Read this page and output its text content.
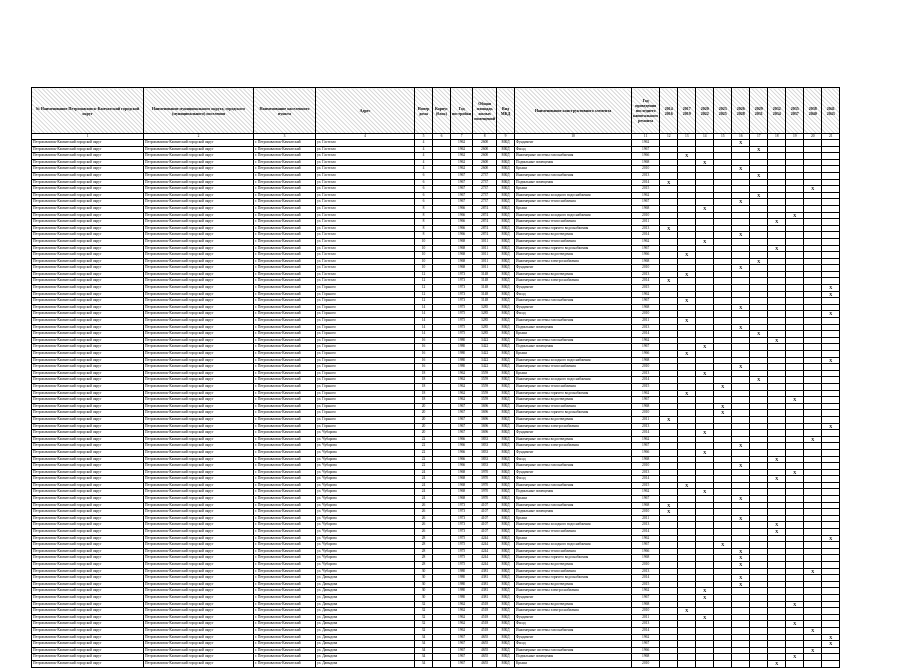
№ Наименование Петропавловск-Камчатский городской округ	Наименование муниципального округа, городского (муниципального) поселения	Наименование населенного пункта	Адрес	Номер дома	Корпус (блок)	Год постройки	Общая площадь жилых помещений	Вид МКД	Наименование конструктивного элемента	Год проведения последнего капитального ремонта	2014 2016	2017 2019	2020 2022	2023 2025	2026 2028	2029 2031	2032 2034	2035 2037	2038 2040	2041 2043
1	2	3	4	5	6	7	8	9	10	11	12	13	14	15	16	17	18	19	20	21
Петропавловск-Камчатский городской округ	Петропавловск-Камчатский городской округ	г. Петропавловск-Камчатский	ул. Гастелло	4		1962	2600	МКД	Фундамент	1962					X					
Петропавловск-Камчатский городской округ	Петропавловск-Камчатский городской округ	г. Петропавловск-Камчатский	ул. Гастелло	4		1962	2600	МКД	Фасад	1967						X				
Петропавловск-Камчатский городской округ	Петропавловск-Камчатский городской округ	г. Петропавловск-Камчатский	ул. Гастелло	4		1962	2600	МКД	Инженерные системы газоснабжения	1966		X								
Петропавловск-Камчатский городской округ	Петропавловск-Камчатский городской округ	г. Петропавловск-Камчатский	ул. Гастелло	4		1962	2600	МКД	Подвальные помещения	1968			X							
Петропавловск-Камчатский городской округ	Петропавловск-Камчатский городской округ	г. Петропавловск-Камчатский	ул. Гастелло	4		1962	2600	МКД	Крыша	2010					X					
Петропавловск-Камчатский городской округ	Петропавловск-Камчатский городской округ	г. Петропавловск-Камчатский	ул. Гастелло	6		1967	2737	МКД	Инженерные системы газоснабжения	2013						X				
Петропавловск-Камчатский городской округ	Петропавловск-Камчатский городской округ	г. Петропавловск-Камчатский	ул. Гастелло	6		1967	2737	МКД	Подвальные помещения	2014	X									
Петропавловск-Камчатский городской округ	Петропавловск-Камчатский городской округ	г. Петропавловск-Камчатский	ул. Гастелло	6		1967	2737	МКД	Крыша	2015									X	
Петропавловск-Камчатский городской округ	Петропавловск-Камчатский городской округ	г. Петропавловск-Камчатский	ул. Гастелло	6		1967	2737	МКД	Инженерные системы холодного водоснабжения	1962						X				
Петропавловск-Камчатский городской округ	Петропавловск-Камчатский городской округ	г. Петропавловск-Камчатский	ул. Гастелло	6		1967	2737	МКД	Инженерные системы теплоснабжения	1967					X					
Петропавловск-Камчатский городской округ	Петропавловск-Камчатский городской округ	г. Петропавловск-Камчатский	ул. Гастелло	8		1966	2874	МКД	Крыша	1968			X							
Петропавловск-Камчатский городской округ	Петропавловск-Камчатский городской округ	г. Петропавловск-Камчатский	ул. Гастелло	8		1966	2874	МКД	Инженерные системы холодного водоснабжения	2010								X		
Петропавловск-Камчатский городской округ	Петропавловск-Камчатский городской округ	г. Петропавловск-Камчатский	ул. Гастелло	8		1966	2874	МКД	Инженерные системы теплоснабжения	2011							X			
Петропавловск-Камчатский городской округ	Петропавловск-Камчатский городской округ	г. Петропавловск-Камчатский	ул. Гастелло	8		1966	2874	МКД	Инженерные системы горячего водоснабжения	2013	X									
Петропавловск-Камчатский городской округ	Петропавловск-Камчатский городской округ	г. Петропавловск-Камчатский	ул. Гастелло	8		1966	2874	МКД	Инженерные системы водоотведения	2014					X					
Петропавловск-Камчатский городской округ	Петропавловск-Камчатский городской округ	г. Петропавловск-Камчатский	ул. Гастелло	10		1968	3011	МКД	Инженерные системы теплоснабжения	1962			X							
Петропавловск-Камчатский городской округ	Петропавловск-Камчатский городской округ	г. Петропавловск-Камчатский	ул. Гастелло	10		1968	3011	МКД	Инженерные системы горячего водоснабжения	1967							X			
Петропавловск-Камчатский городской округ	Петропавловск-Камчатский городской округ	г. Петропавловск-Камчатский	ул. Гастелло	10		1968	3011	МКД	Инженерные системы водоотведения	1966		X								
Петропавловск-Камчатский городской округ	Петропавловск-Камчатский городской округ	г. Петропавловск-Камчатский	ул. Гастелло	10		1968	3011	МКД	Инженерные системы электроснабжения	1968						X				
Петропавловск-Камчатский городской округ	Петропавловск-Камчатский городской округ	г. Петропавловск-Камчатский	ул. Гастелло	10		1968	3011	МКД	Фундамент	2010					X					
Петропавловск-Камчатский городской округ	Петропавловск-Камчатский городской округ	г. Петропавловск-Камчатский	ул. Гастелло	12		1973	3148	МКД	Инженерные системы водоотведения	2013		X								
Петропавловск-Камчатский городской округ	Петропавловск-Камчатский городской округ	г. Петропавловск-Камчатский	ул. Гастелло	12		1973	3148	МКД	Инженерные системы электроснабжения	2014	X									
Петропавловск-Камчатский городской округ	Петропавловск-Камчатский городской округ	г. Петропавловск-Камчатский	ул. Горького	12		1973	3148	МКД	Фундамент	2015										X
Петропавловск-Камчатский городской округ	Петропавловск-Камчатский городской округ	г. Петропавловск-Камчатский	ул. Горького	12		1973	3148	МКД	Фасад	1962										X
Петропавловск-Камчатский городской округ	Петропавловск-Камчатский городской округ	г. Петропавловск-Камчатский	ул. Горького	12		1973	3148	МКД	Инженерные системы газоснабжения	1967		X								
Петропавловск-Камчатский городской округ	Петропавловск-Камчатский городской округ	г. Петропавловск-Камчатский	ул. Горького	14		1975	3285	МКД	Фундамент	1968					X					
Петропавловск-Камчатский городской округ	Петропавловск-Камчатский городской округ	г. Петропавловск-Камчатский	ул. Горького	14		1975	3285	МКД	Фасад	2010										X
Петропавловск-Камчатский городской округ	Петропавловск-Камчатский городской округ	г. Петропавловск-Камчатский	ул. Горького	14		1975	3285	МКД	Инженерные системы газоснабжения	2011		X								
Петропавловск-Камчатский городской округ	Петропавловск-Камчатский городской округ	г. Петропавловск-Камчатский	ул. Горького	14		1975	3285	МКД	Подвальные помещения	2013					X					
Петропавловск-Камчатский городской округ	Петропавловск-Камчатский городской округ	г. Петропавловск-Камчатский	ул. Горького	14		1975	3285	МКД	Крыша	2014						X				
Петропавловск-Камчатский городской округ	Петропавловск-Камчатский городской округ	г. Петропавловск-Камчатский	ул. Горького	16		1980	3422	МКД	Инженерные системы газоснабжения	1962							X			
Петропавловск-Камчатский городской округ	Петропавловск-Камчатский городской округ	г. Петропавловск-Камчатский	ул. Горького	16		1980	3422	МКД	Подвальные помещения	1967			X							
Петропавловск-Камчатский городской округ	Петропавловск-Камчатский городской округ	г. Петропавловск-Камчатский	ул. Горького	16		1980	3422	МКД	Крыша	1966		X								
Петропавловск-Камчатский городской округ	Петропавловск-Камчатский городской округ	г. Петропавловск-Камчатский	ул. Горького	16		1980	3422	МКД	Инженерные системы холодного водоснабжения	1968										X
Петропавловск-Камчатский городской округ	Петропавловск-Камчатский городской округ	г. Петропавловск-Камчатский	ул. Горького	16		1980	3422	МКД	Инженерные системы теплоснабжения	2010					X					
Петропавловск-Камчатский городской округ	Петропавловск-Камчатский городской округ	г. Петропавловск-Камчатский	ул. Горького	18		1962	3559	МКД	Крыша	2013			X							
Петропавловск-Камчатский городской округ	Петропавловск-Камчатский городской округ	г. Петропавловск-Камчатский	ул. Горького	18		1962	3559	МКД	Инженерные системы холодного водоснабжения	2014						X				
Петропавловск-Камчатский городской округ	Петропавловск-Камчатский городской округ	г. Петропавловск-Камчатский	ул. Горького	18		1962	3559	МКД	Инженерные системы теплоснабжения	2015				X						
Петропавловск-Камчатский городской округ	Петропавловск-Камчатский городской округ	г. Петропавловск-Камчатский	ул. Горького	18		1962	3559	МКД	Инженерные системы горячего водоснабжения	1962		X								
Петропавловск-Камчатский городской округ	Петропавловск-Камчатский городской округ	г. Петропавловск-Камчатский	ул. Горького	18		1962	3559	МКД	Инженерные системы водоотведения	1967								X		
Петропавловск-Камчатский городской округ	Петропавловск-Камчатский городской округ	г. Петропавловск-Камчатский	ул. Горького	20		1967	3696	МКД	Инженерные системы теплоснабжения	1968				X						
Петропавловск-Камчатский городской округ	Петропавловск-Камчатский городской округ	г. Петропавловск-Камчатский	ул. Горького	20		1967	3696	МКД	Инженерные системы горячего водоснабжения	2010				X						
Петропавловск-Камчатский городской округ	Петропавловск-Камчатский городской округ	г. Петропавловск-Камчатский	ул. Горького	20		1967	3696	МКД	Инженерные системы водоотведения	2011	X									
Петропавловск-Камчатский городской округ	Петропавловск-Камчатский городской округ	г. Петропавловск-Камчатский	ул. Горького	20		1967	3696	МКД	Инженерные системы электроснабжения	2013										X
Петропавловск-Камчатский городской округ	Петропавловск-Камчатский городской округ	г. Петропавловск-Камчатский	ул. Чубарова	20		1967	3696	МКД	Фундамент	2014			X							
Петропавловск-Камчатский городской округ	Петропавловск-Камчатский городской округ	г. Петропавловск-Камчатский	ул. Чубарова	22		1966	3833	МКД	Инженерные системы водоотведения	1962									X	
Петропавловск-Камчатский городской округ	Петропавловск-Камчатский городской округ	г. Петропавловск-Камчатский	ул. Чубарова	22		1966	3833	МКД	Инженерные системы электроснабжения	1967					X					
Петропавловск-Камчатский городской округ	Петропавловск-Камчатский городской округ	г. Петропавловск-Камчатский	ул. Чубарова	22		1966	3833	МКД	Фундамент	1966			X							
Петропавловск-Камчатский городской округ	Петропавловск-Камчатский городской округ	г. Петропавловск-Камчатский	ул. Чубарова	22		1966	3833	МКД	Фасад	1968							X			
Петропавловск-Камчатский городской округ	Петропавловск-Камчатский городской округ	г. Петропавловск-Камчатский	ул. Чубарова	22		1966	3833	МКД	Инженерные системы газоснабжения	2010					X					
Петропавловск-Камчатский городской округ	Петропавловск-Камчатский городской округ	г. Петропавловск-Камчатский	ул. Чубарова	24		1968	3970	МКД	Фундамент	2013								X		
Петропавловск-Камчатский городской округ	Петропавловск-Камчатский городской округ	г. Петропавловск-Камчатский	ул. Чубарова	24		1968	3970	МКД	Фасад	2014							X			
Петропавловск-Камчатский городской округ	Петропавловск-Камчатский городской округ	г. Петропавловск-Камчатский	ул. Чубарова	24		1968	3970	МКД	Инженерные системы газоснабжения	2015		X								
Петропавловск-Камчатский городской округ	Петропавловск-Камчатский городской округ	г. Петропавловск-Камчатский	ул. Чубарова	24		1968	3970	МКД	Подвальные помещения	1962			X							
Петропавловск-Камчатский городской округ	Петропавловск-Камчатский городской округ	г. Петропавловск-Камчатский	ул. Чубарова	24		1968	3970	МКД	Крыша	1967					X					
Петропавловск-Камчатский городской округ	Петропавловск-Камчатский городской округ	г. Петропавловск-Камчатский	ул. Чубарова	26		1973	4107	МКД	Инженерные системы газоснабжения	1968	X									
Петропавловск-Камчатский городской округ	Петропавловск-Камчатский городской округ	г. Петропавловск-Камчатский	ул. Чубарова	26		1973	4107	МКД	Подвальные помещения	2010	X									
Петропавловск-Камчатский городской округ	Петропавловск-Камчатский городской округ	г. Петропавловск-Камчатский	ул. Чубарова	26		1973	4107	МКД	Крыша	2011					X					
Петропавловск-Камчатский городской округ	Петропавловск-Камчатский городской округ	г. Петропавловск-Камчатский	ул. Чубарова	26		1973	4107	МКД	Инженерные системы холодного водоснабжения	2013							X			
Петропавловск-Камчатский городской округ	Петропавловск-Камчатский городской округ	г. Петропавловск-Камчатский	ул. Чубарова	26		1973	4107	МКД	Инженерные системы теплоснабжения	2014							X			
Петропавловск-Камчатский городской округ	Петропавловск-Камчатский городской округ	г. Петропавловск-Камчатский	ул. Чубарова	28		1975	4244	МКД	Крыша	1962										X
Петропавловск-Камчатский городской округ	Петропавловск-Камчатский городской округ	г. Петропавловск-Камчатский	ул. Чубарова	28		1975	4244	МКД	Инженерные системы холодного водоснабжения	1967				X						
Петропавловск-Камчатский городской округ	Петропавловск-Камчатский городской округ	г. Петропавловск-Камчатский	ул. Чубарова	28		1975	4244	МКД	Инженерные системы теплоснабжения	1966					X					
Петропавловск-Камчатский городской округ	Петропавловск-Камчатский городской округ	г. Петропавловск-Камчатский	ул. Чубарова	28		1975	4244	МКД	Инженерные системы горячего водоснабжения	1968					X					
Петропавловск-Камчатский городской округ	Петропавловск-Камчатский городской округ	г. Петропавловск-Камчатский	ул. Чубарова	28		1975	4244	МКД	Инженерные системы водоотведения	2010					X					
Петропавловск-Камчатский городской округ	Петропавловск-Камчатский городской округ	г. Петропавловск-Камчатский	ул. Чубарова	30		1980	4381	МКД	Инженерные системы теплоснабжения	2013									X	
Петропавловск-Камчатский городской округ	Петропавловск-Камчатский городской округ	г. Петропавловск-Камчатский	ул. Давыдова	30		1980	4381	МКД	Инженерные системы горячего водоснабжения	2014					X					
Петропавловск-Камчатский городской округ	Петропавловск-Камчатский городской округ	г. Петропавловск-Камчатский	ул. Давыдова	30		1980	4381	МКД	Инженерные системы водоотведения	2015					X					
Петропавловск-Камчатский городской округ	Петропавловск-Камчатский городской округ	г. Петропавловск-Камчатский	ул. Давыдова	30		1980	4381	МКД	Инженерные системы электроснабжения	1962			X							
Петропавловск-Камчатский городской округ	Петропавловск-Камчатский городской округ	г. Петропавловск-Камчатский	ул. Давыдова	30		1980	4381	МКД	Фундамент	1967			X							
Петропавловск-Камчатский городской округ	Петропавловск-Камчатский городской округ	г. Петропавловск-Камчатский	ул. Давыдова	32		1962	4518	МКД	Инженерные системы водоотведения	1968								X		
Петропавловск-Камчатский городской округ	Петропавловск-Камчатский городской округ	г. Петропавловск-Камчатский	ул. Давыдова	32		1962	4518	МКД	Инженерные системы электроснабжения	2010		X								
Петропавловск-Камчатский городской округ	Петропавловск-Камчатский городской округ	г. Петропавловск-Камчатский	ул. Давыдова	32		1962	4518	МКД	Фундамент	2011			X							
Петропавловск-Камчатский городской округ	Петропавловск-Камчатский городской округ	г. Петропавловск-Камчатский	ул. Давыдова	32		1962	4518	МКД	Фасад	2013								X		
Петропавловск-Камчатский городской округ	Петропавловск-Камчатский городской округ	г. Петропавловск-Камчатский	ул. Давыдова	32		1962	4518	МКД	Инженерные системы газоснабжения	2014									X	
Петропавловск-Камчатский городской округ	Петропавловск-Камчатский городской округ	г. Петропавловск-Камчатский	ул. Давыдова	34		1967	4655	МКД	Фундамент	1962										X
Петропавловск-Камчатский городской округ	Петропавловск-Камчатский городской округ	г. Петропавловск-Камчатский	ул. Давыдова	34		1967	4655	МКД	Фасад	1967										X
Петропавловск-Камчатский городской округ	Петропавловск-Камчатский городской округ	г. Петропавловск-Камчатский	ул. Давыдова	34		1967	4655	МКД	Инженерные системы газоснабжения	1966									X	
Петропавловск-Камчатский городской округ	Петропавловск-Камчатский городской округ	г. Петропавловск-Камчатский	ул. Давыдова	34		1967	4655	МКД	Подвальные помещения	1968								X		
Петропавловск-Камчатский городской округ	Петропавловск-Камчатский городской округ	г. Петропавловск-Камчатский	ул. Давыдова	34		1967	4655	МКД	Крыша	2010							X			
